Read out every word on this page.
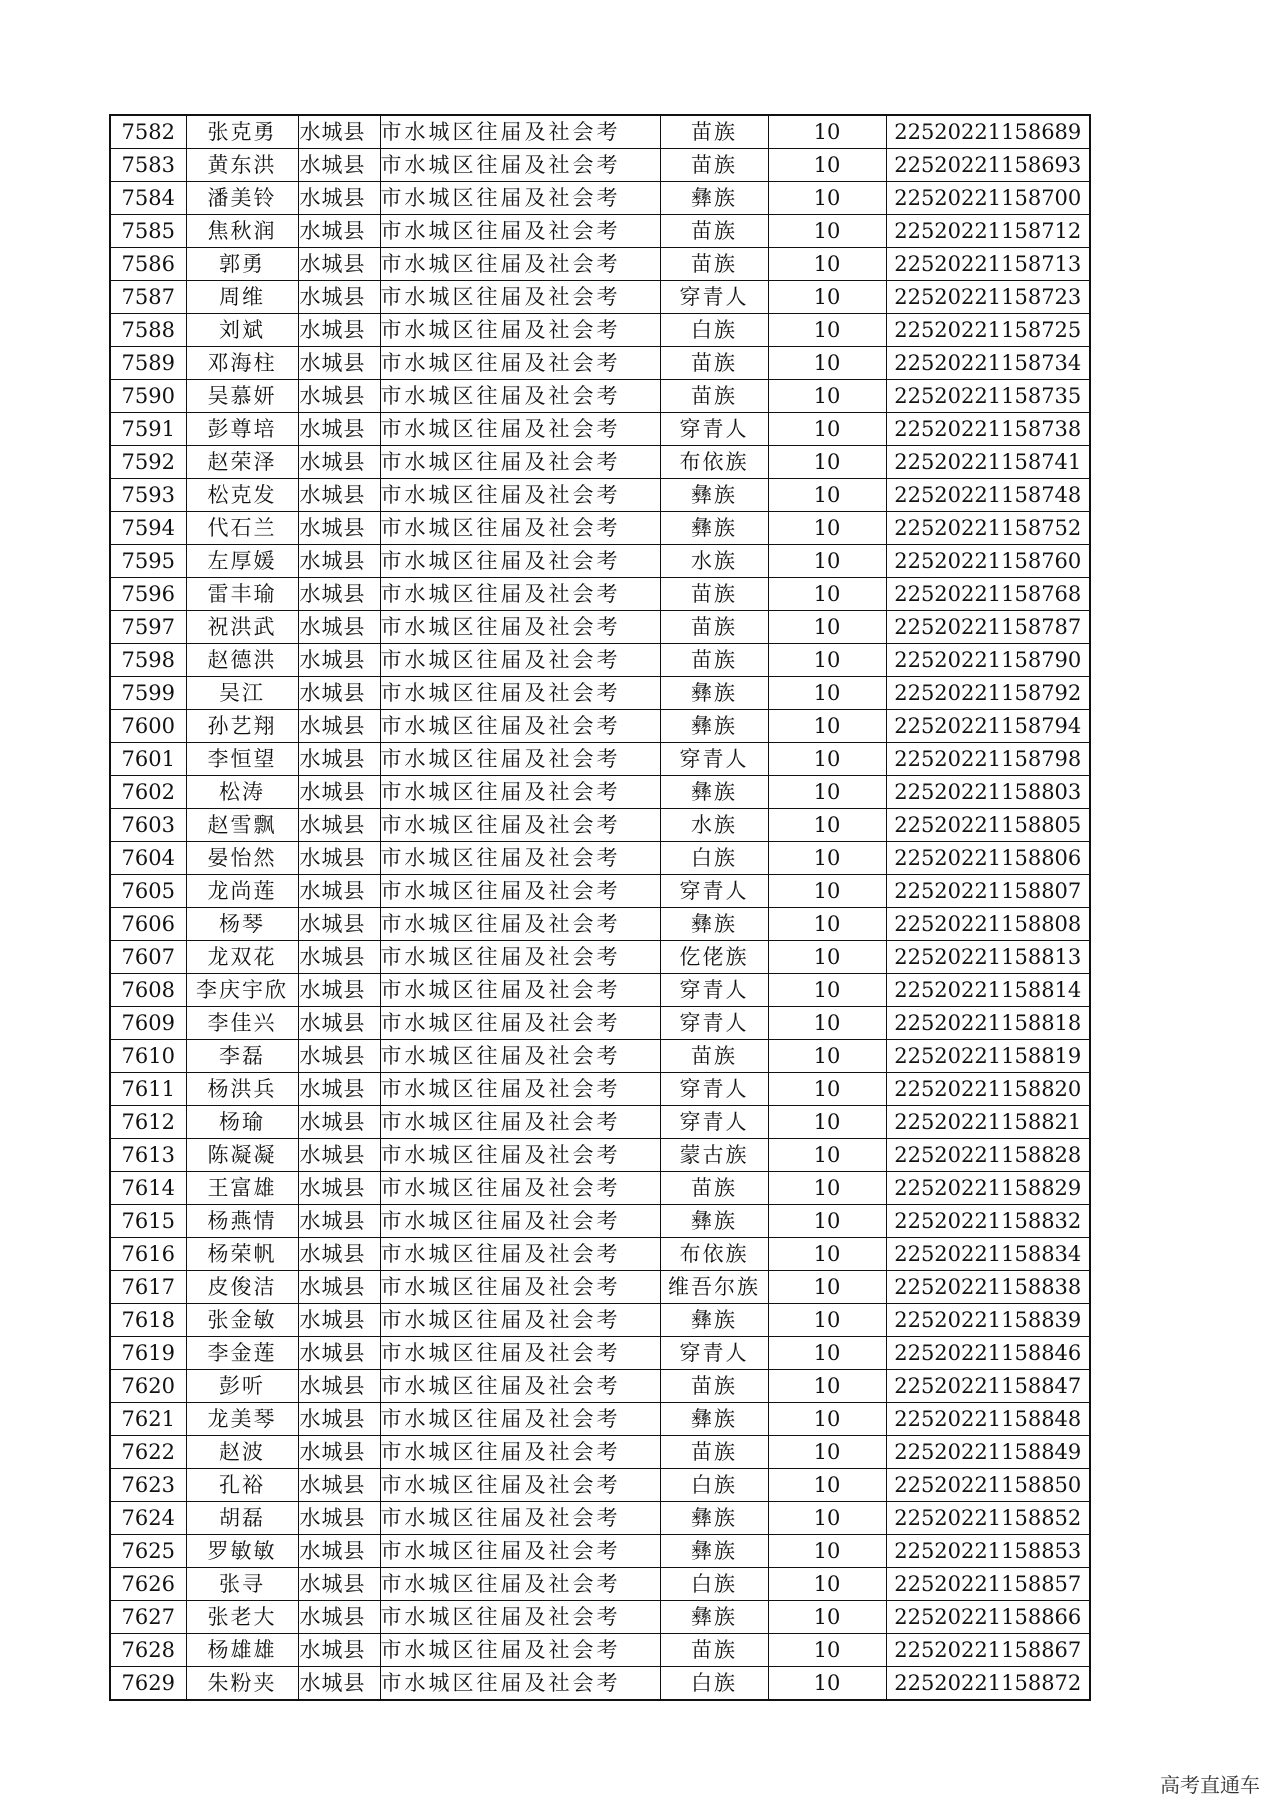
7582	张克勇	水城县	市水城区往届及社会考	苗族	10	22520221158689
7583	黄东洪	水城县	市水城区往届及社会考	苗族	10	22520221158693
7584	潘美铃	水城县	市水城区往届及社会考	彝族	10	22520221158700
7585	焦秋润	水城县	市水城区往届及社会考	苗族	10	22520221158712
7586	郭勇	水城县	市水城区往届及社会考	苗族	10	22520221158713
7587	周维	水城县	市水城区往届及社会考	穿青人	10	22520221158723
7588	刘斌	水城县	市水城区往届及社会考	白族	10	22520221158725
7589	邓海柱	水城县	市水城区往届及社会考	苗族	10	22520221158734
7590	吴慕妍	水城县	市水城区往届及社会考	苗族	10	22520221158735
7591	彭尊培	水城县	市水城区往届及社会考	穿青人	10	22520221158738
7592	赵荣泽	水城县	市水城区往届及社会考	布依族	10	22520221158741
7593	松克发	水城县	市水城区往届及社会考	彝族	10	22520221158748
7594	代石兰	水城县	市水城区往届及社会考	彝族	10	22520221158752
7595	左厚媛	水城县	市水城区往届及社会考	水族	10	22520221158760
7596	雷丰瑜	水城县	市水城区往届及社会考	苗族	10	22520221158768
7597	祝洪武	水城县	市水城区往届及社会考	苗族	10	22520221158787
7598	赵德洪	水城县	市水城区往届及社会考	苗族	10	22520221158790
7599	吴江	水城县	市水城区往届及社会考	彝族	10	22520221158792
7600	孙艺翔	水城县	市水城区往届及社会考	彝族	10	22520221158794
7601	李恒望	水城县	市水城区往届及社会考	穿青人	10	22520221158798
7602	松涛	水城县	市水城区往届及社会考	彝族	10	22520221158803
7603	赵雪飘	水城县	市水城区往届及社会考	水族	10	22520221158805
7604	晏怡然	水城县	市水城区往届及社会考	白族	10	22520221158806
7605	龙尚莲	水城县	市水城区往届及社会考	穿青人	10	22520221158807
7606	杨琴	水城县	市水城区往届及社会考	彝族	10	22520221158808
7607	龙双花	水城县	市水城区往届及社会考	仡佬族	10	22520221158813
7608	李庆宇欣	水城县	市水城区往届及社会考	穿青人	10	22520221158814
7609	李佳兴	水城县	市水城区往届及社会考	穿青人	10	22520221158818
7610	李磊	水城县	市水城区往届及社会考	苗族	10	22520221158819
7611	杨洪兵	水城县	市水城区往届及社会考	穿青人	10	22520221158820
7612	杨瑜	水城县	市水城区往届及社会考	穿青人	10	22520221158821
7613	陈凝凝	水城县	市水城区往届及社会考	蒙古族	10	22520221158828
7614	王富雄	水城县	市水城区往届及社会考	苗族	10	22520221158829
7615	杨燕情	水城县	市水城区往届及社会考	彝族	10	22520221158832
7616	杨荣帆	水城县	市水城区往届及社会考	布依族	10	22520221158834
7617	皮俊洁	水城县	市水城区往届及社会考	维吾尔族	10	22520221158838
7618	张金敏	水城县	市水城区往届及社会考	彝族	10	22520221158839
7619	李金莲	水城县	市水城区往届及社会考	穿青人	10	22520221158846
7620	彭听	水城县	市水城区往届及社会考	苗族	10	22520221158847
7621	龙美琴	水城县	市水城区往届及社会考	彝族	10	22520221158848
7622	赵波	水城县	市水城区往届及社会考	苗族	10	22520221158849
7623	孔裕	水城县	市水城区往届及社会考	白族	10	22520221158850
7624	胡磊	水城县	市水城区往届及社会考	彝族	10	22520221158852
7625	罗敏敏	水城县	市水城区往届及社会考	彝族	10	22520221158853
7626	张寻	水城县	市水城区往届及社会考	白族	10	22520221158857
7627	张老大	水城县	市水城区往届及社会考	彝族	10	22520221158866
7628	杨雄雄	水城县	市水城区往届及社会考	苗族	10	22520221158867
7629	朱粉夹	水城县	市水城区往届及社会考	白族	10	22520221158872
高考直通车
